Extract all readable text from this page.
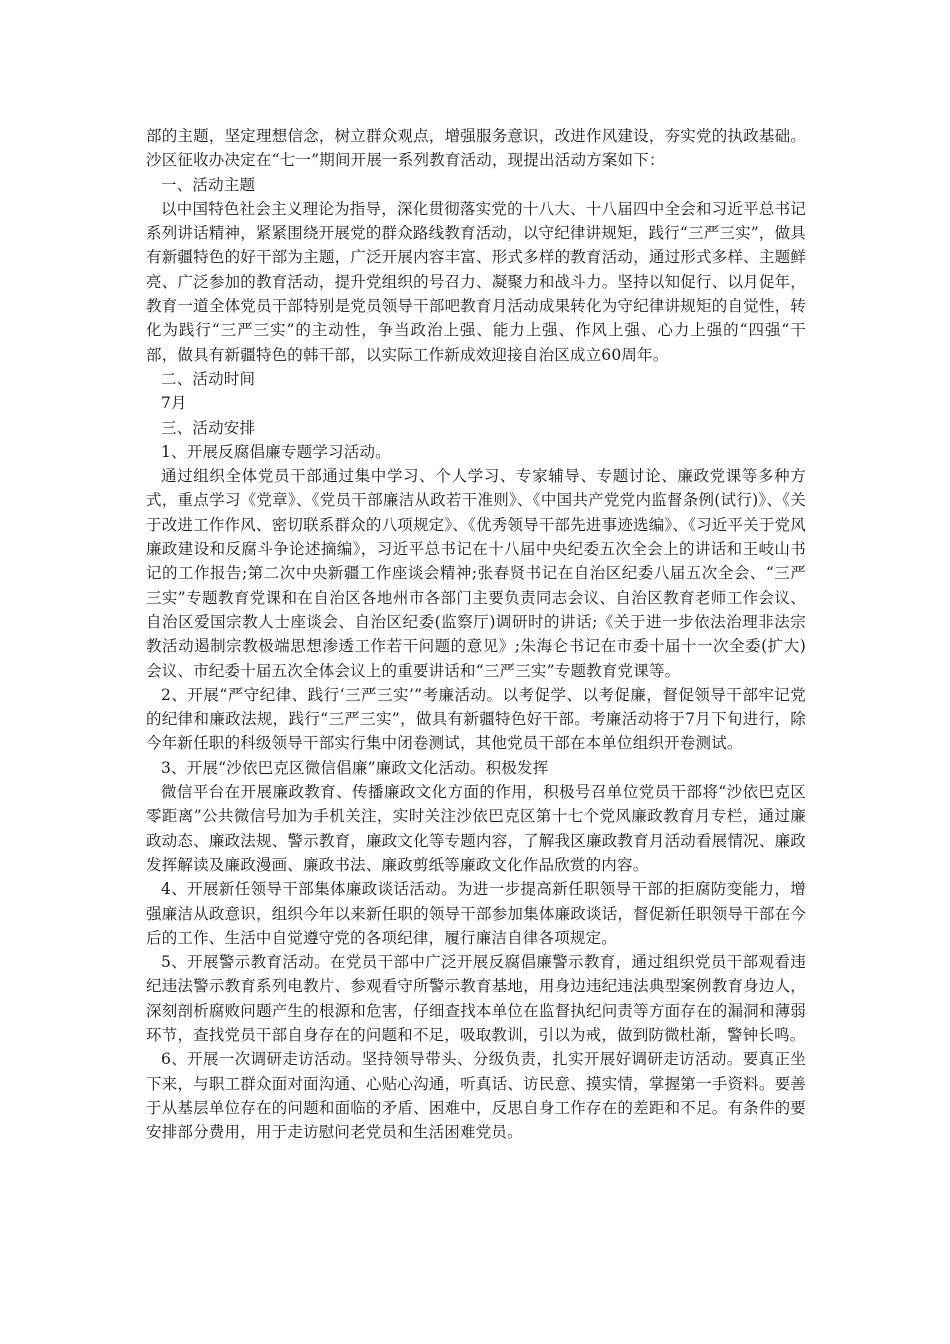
部的主题，坚定理想信念，树立群众观点，增强服务意识，改进作风建设，夯实党的执政基础。沙区征收办决定在“七一”期间开展一系列教育活动，现提出活动方案如下：

一、活动主题

以中国特色社会主义理论为指导，深化贯彻落实党的十八大、十八届四中全会和习近平总书记系列讲话精神，紧紧围绕开展党的群众路线教育活动，以守纪律讲规矩，践行“三严三实”，做具有新疆特色的好干部为主题，广泛开展内容丰富、形式多样的教育活动，通过形式多样、主题鲜亮、广泛参加的教育活动，提升党组织的号召力、凝聚力和战斗力。坚持以知促行、以月促年，教育一道全体党员干部特别是党员领导干部吧教育月活动成果转化为守纪律讲规矩的自觉性，转化为践行“三严三实”的主动性，争当政治上强、能力上强、作风上强、心力上强的“四强“干部，做具有新疆特色的韩干部，以实际工作新成效迎接自治区成立60周年。

二、活动时间

7月

三、活动安排

1、开展反腐倡廉专题学习活动。

通过组织全体党员干部通过集中学习、个人学习、专家辅导、专题讨论、廉政党课等多种方式，重点学习《党章》、《党员干部廉洁从政若干准则》、《中国共产党党内监督条例(试行)》、《关于改进工作作风、密切联系群众的八项规定》、《优秀领导干部先进事迹选编》、《习近平关于党风廉政建设和反腐斗争论述摘编》，习近平总书记在十八届中央纪委五次全会上的讲话和王岐山书记的工作报告;第二次中央新疆工作座谈会精神;张春贤书记在自治区纪委八届五次全会、“三严三实”专题教育党课和在自治区各地州市各部门主要负责同志会议、自治区教育老师工作会议、自治区爱国宗教人士座谈会、自治区纪委(监察厅)调研时的讲话;《关于进一步依法治理非法宗教活动遏制宗教极端思想渗透工作若干问题的意见》;朱海仑书记在市委十届十一次全委(扩大)会议、市纪委十届五次全体会议上的重要讲话和“三严三实”专题教育党课等。

2、开展“严守纪律、践行‘三严三实’”考廉活动。以考促学、以考促廉，督促领导干部牢记党的纪律和廉政法规，践行“三严三实”，做具有新疆特色好干部。考廉活动将于7月下旬进行，除今年新任职的科级领导干部实行集中闭卷测试，其他党员干部在本单位组织开卷测试。

3、开展“沙依巴克区微信倡廉”廉政文化活动。积极发挥

微信平台在开展廉政教育、传播廉政文化方面的作用，积极号召单位党员干部将“沙依巴克区零距离”公共微信号加为手机关注，实时关注沙依巴克区第十七个党风廉政教育月专栏，通过廉政动态、廉政法规、警示教育，廉政文化等专题内容，了解我区廉政教育月活动看展情况、廉政发挥解读及廉政漫画、廉政书法、廉政剪纸等廉政文化作品欣赏的内容。

4、开展新任领导干部集体廉政谈话活动。为进一步提高新任职领导干部的拒腐防变能力，增强廉洁从政意识，组织今年以来新任职的领导干部参加集体廉政谈话，督促新任职领导干部在今后的工作、生活中自觉遵守党的各项纪律，履行廉洁自律各项规定。

5、开展警示教育活动。在党员干部中广泛开展反腐倡廉警示教育，通过组织党员干部观看违纪违法警示教育系列电教片、参观看守所警示教育基地，用身边违纪违法典型案例教育身边人，深刻剖析腐败问题产生的根源和危害，仔细查找本单位在监督执纪问责等方面存在的漏洞和薄弱环节，查找党员干部自身存在的问题和不足，吸取教训，引以为戒，做到防微杜渐，警钟长鸣。

6、开展一次调研走访活动。坚持领导带头、分级负责，扎实开展好调研走访活动。要真正坐下来，与职工群众面对面沟通、心贴心沟通，听真话、访民意、摸实情，掌握第一手资料。要善于从基层单位存在的问题和面临的矛盾、困难中，反思自身工作存在的差距和不足。有条件的要安排部分费用，用于走访慰问老党员和生活困难党员。
